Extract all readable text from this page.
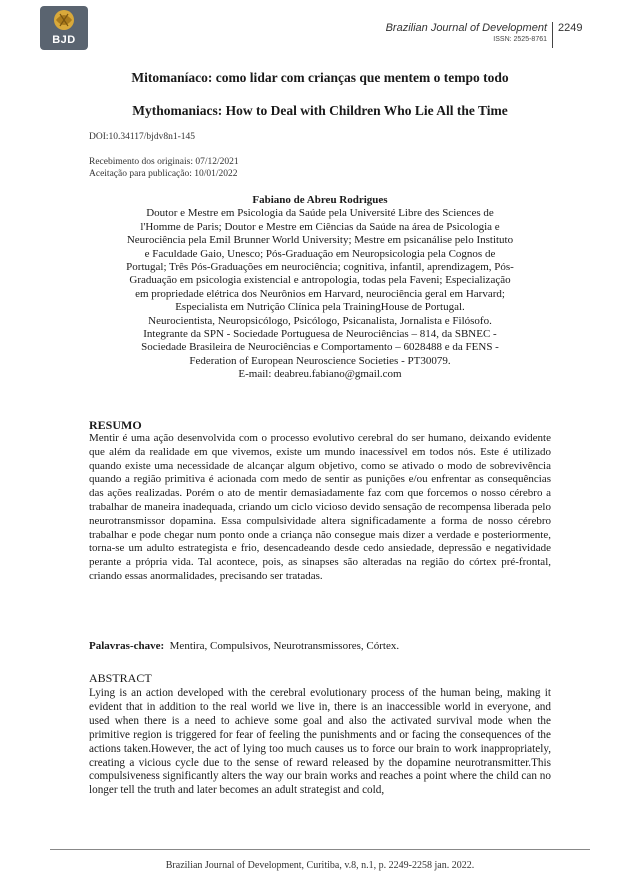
BJD
Brazilian Journal of Development
ISSN: 2525-8761
2249
Mitomaníaco: como lidar com crianças que mentem o tempo todo
Mythomaniacs: How to Deal with Children Who Lie All the Time
DOI:10.34117/bjdv8n1-145
Recebimento dos originais: 07/12/2021
Aceitação para publicação: 10/01/2022
Fabiano de Abreu Rodrigues
Doutor e Mestre em Psicologia da Saúde pela Université Libre des Sciences de
l'Homme de Paris; Doutor e Mestre em Ciências da Saúde na área de Psicologia e
Neurociência pela Emil Brunner World University; Mestre em psicanálise pelo Instituto
e Faculdade Gaio, Unesco; Pós-Graduação em Neuropsicologia pela Cognos de
Portugal; Três Pós-Graduações em neurociência; cognitiva, infantil, aprendizagem, Pós-
Graduação em psicologia existencial e antropologia, todas pela Faveni; Especialização
em propriedade elétrica dos Neurônios em Harvard, neurociência geral em Harvard;
Especialista em Nutrição Clínica pela TrainingHouse de Portugal.
Neurocientista, Neuropsicólogo, Psicólogo, Psicanalista, Jornalista e Filósofo.
Integrante da SPN - Sociedade Portuguesa de Neurociências – 814, da SBNEC -
Sociedade Brasileira de Neurociências e Comportamento – 6028488 e da FENS -
Federation of European Neuroscience Societies - PT30079.
E-mail: deabreu.fabiano@gmail.com
RESUMO
Mentir é uma ação desenvolvida com o processo evolutivo cerebral do ser humano, deixando evidente que além da realidade em que vivemos, existe um mundo inacessível em todos nós. Este é utilizado quando existe uma necessidade de alcançar algum objetivo, como se ativado o modo de sobrevivência quando a região primitiva é acionada com medo de sentir as punições e/ou enfrentar as consequências das ações realizadas. Porém o ato de mentir demasiadamente faz com que forcemos o nosso cérebro a trabalhar de maneira inadequada, criando um ciclo vicioso devido sensação de recompensa liberada pelo neurotransmissor dopamina. Essa compulsividade altera significadamente a forma de nosso cérebro trabalhar e pode chegar num ponto onde a criança não consegue mais dizer a verdade e posteriormente, torna-se um adulto estrategista e frio, desencadeando desde cedo ansiedade, depressão e negatividade perante a própria vida. Tal acontece, pois, as sinapses são alteradas na região do córtex pré-frontal, criando essas anormalidades, precisando ser tratadas.
Palavras-chave: Mentira, Compulsivos, Neurotransmissores, Córtex.
ABSTRACT
Lying is an action developed with the cerebral evolutionary process of the human being, making it evident that in addition to the real world we live in, there is an inaccessible world in everyone, and used when there is a need to achieve some goal and also the activated survival mode when the primitive region is triggered for fear of feeling the punishments and or facing the consequences of the actions taken.However, the act of lying too much causes us to force our brain to work inappropriately, creating a vicious cycle due to the sense of reward released by the dopamine neurotransmitter.This compulsiveness significantly alters the way our brain works and reaches a point where the child can no longer tell the truth and later becomes an adult strategist and cold,
Brazilian Journal of Development, Curitiba, v.8, n.1, p. 2249-2258 jan. 2022.
